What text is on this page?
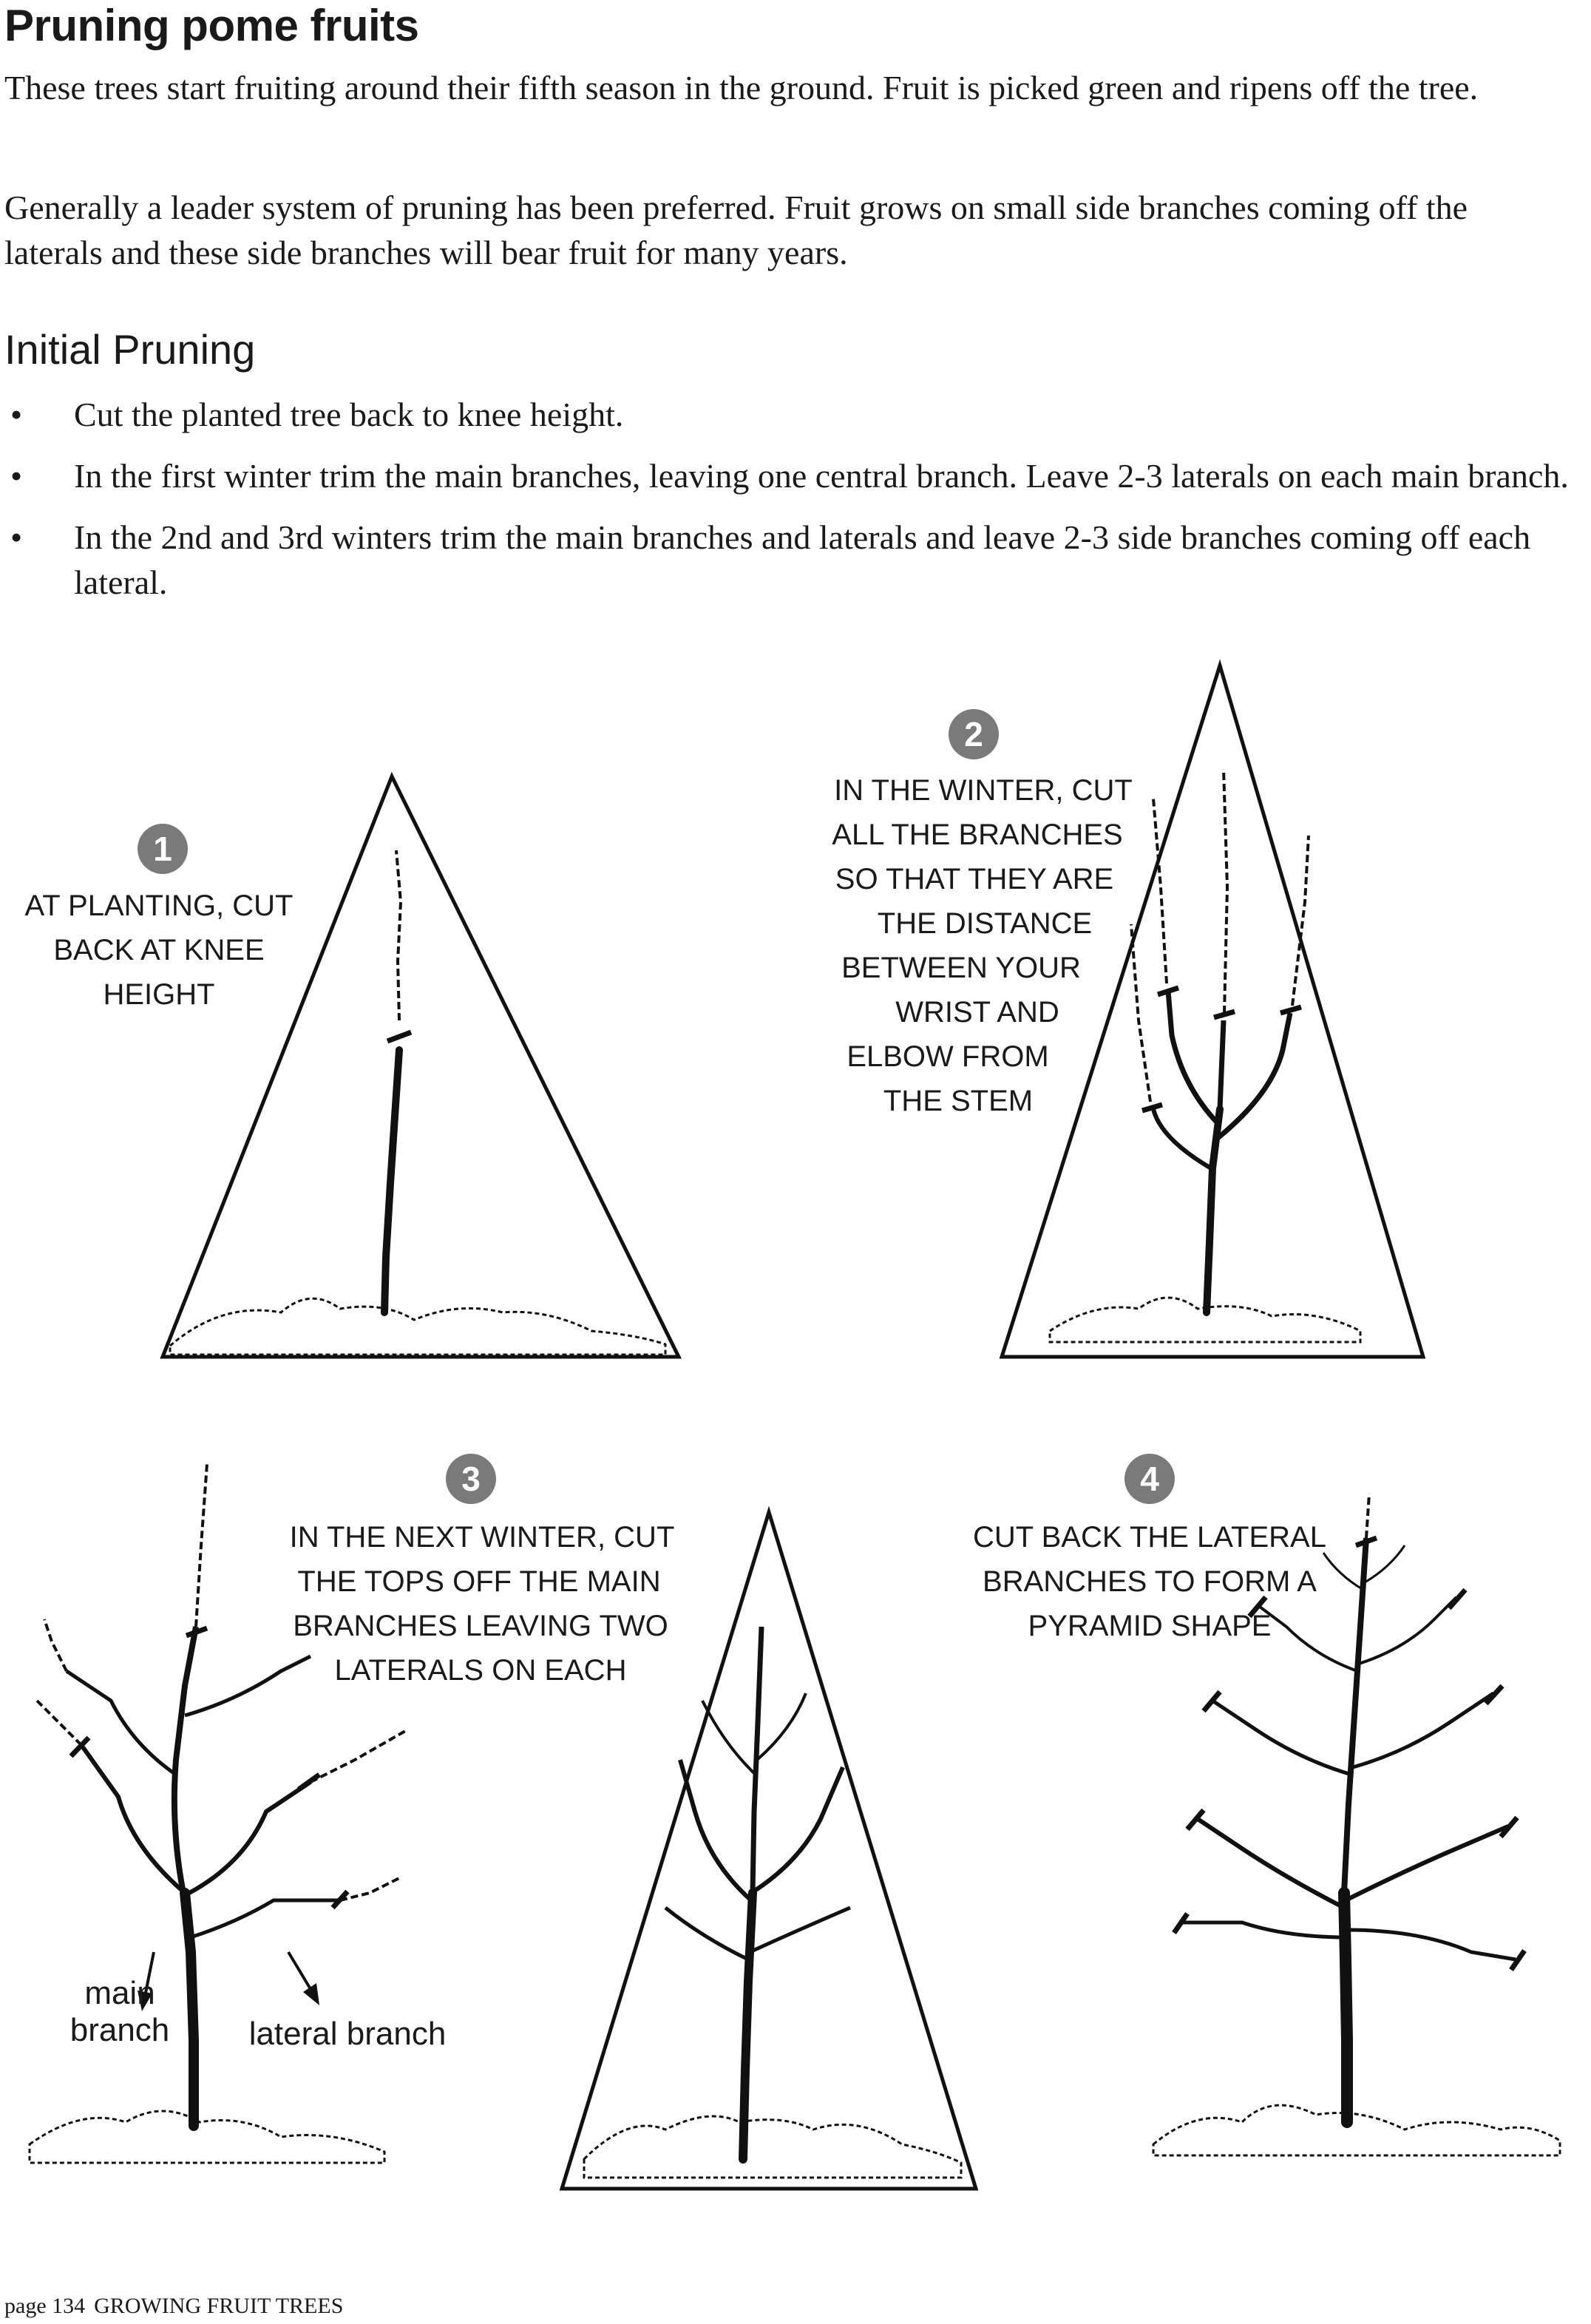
Pruning pome fruits

These trees start fruiting around their fifth season in the ground. Fruit is picked green and ripens off the tree.

Generally a leader system of pruning has been preferred. Fruit grows on small side branches coming off the laterals and these side branches will bear fruit for many years.

Initial Pruning
• Cut the planted tree back to knee height.
• In the first winter trim the main branches, leaving one central branch. Leave 2-3 laterals on each main branch.
• In the 2nd and 3rd winters trim the main branches and laterals and leave 2-3 side branches coming off each lateral.
1
AT PLANTING, CUT
BACK AT KNEE
HEIGHT
2
IN THE WINTER, CUT
ALL THE BRANCHES
SO THAT THEY ARE
THE DISTANCE
BETWEEN YOUR
WRIST AND
ELBOW FROM
THE STEM
main
branch lateral branch
3
IN THE NEXT WINTER, CUT
THE TOPS OFF THE MAIN
BRANCHES LEAVING TWO
LATERALS ON EACH
4
CUT BACK THE LATERAL
BRANCHES TO FORM A
PYRAMID SHAPE

page 134 GROWING FRUIT TREES
